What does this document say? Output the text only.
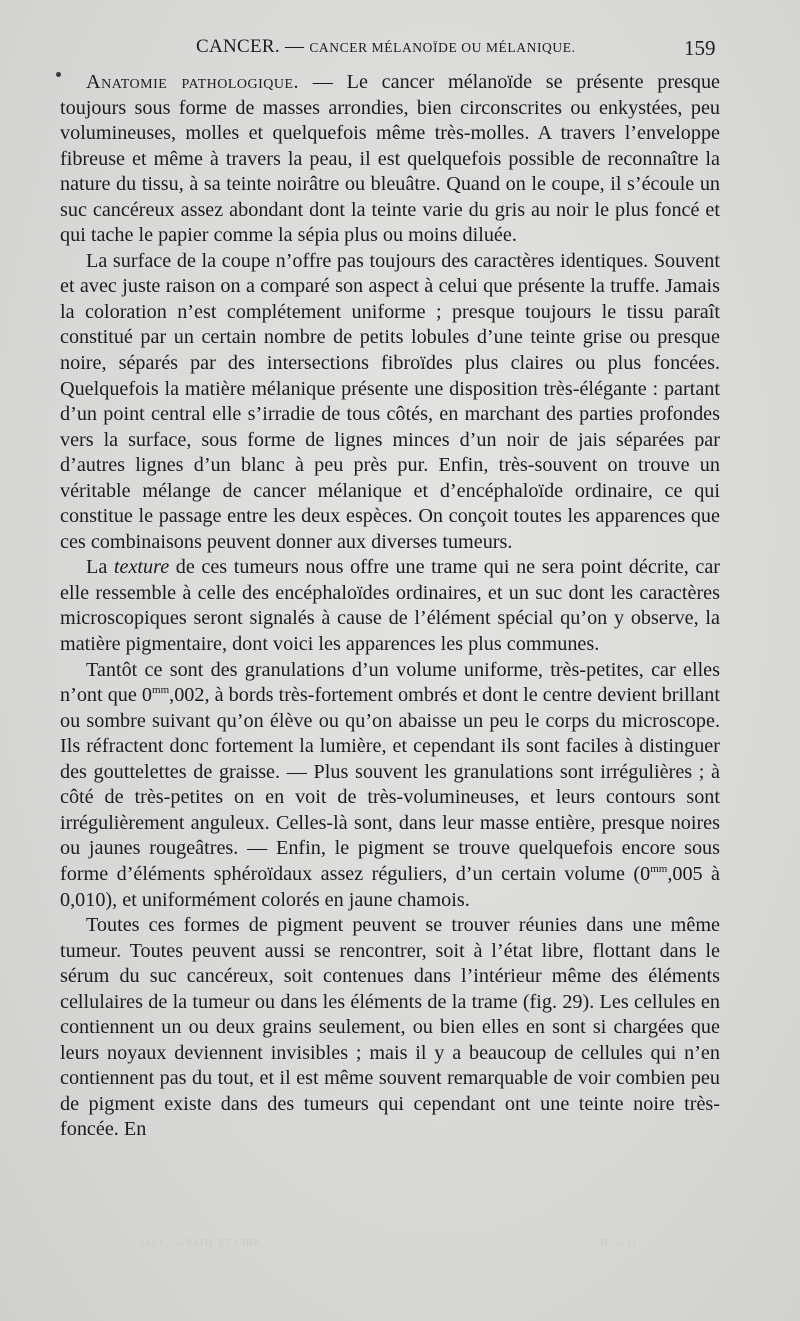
CANCER. — CANCER MÉLANOÏDE OU MÉLANIQUE.	159

Anatomie pathologique. — Le cancer mélanoïde se présente presque toujours sous forme de masses arrondies, bien circonscrites ou enkystées, peu volumineuses, molles et quelquefois même très-molles. A travers l’enveloppe fibreuse et même à travers la peau, il est quelquefois possible de reconnaître la nature du tissu, à sa teinte noirâtre ou bleuâtre. Quand on le coupe, il s’écoule un suc cancéreux assez abondant dont la teinte varie du gris au noir le plus foncé et qui tache le papier comme la sépia plus ou moins diluée.

La surface de la coupe n’offre pas toujours des caractères identiques. Souvent et avec juste raison on a comparé son aspect à celui que présente la truffe. Jamais la coloration n’est complétement uniforme ; presque toujours le tissu paraît constitué par un certain nombre de petits lobules d’une teinte grise ou presque noire, séparés par des intersections fibroïdes plus claires ou plus foncées. Quelquefois la matière mélanique présente une disposition très-élégante : partant d’un point central elle s’irradie de tous côtés, en marchant des parties profondes vers la surface, sous forme de lignes minces d’un noir de jais séparées par d’autres lignes d’un blanc à peu près pur. Enfin, très-souvent on trouve un véritable mélange de cancer mélanique et d’encéphaloïde ordinaire, ce qui constitue le passage entre les deux espèces. On conçoit toutes les apparences que ces combinaisons peuvent donner aux diverses tumeurs.

La texture de ces tumeurs nous offre une trame qui ne sera point décrite, car elle ressemble à celle des encéphaloïdes ordinaires, et un suc dont les caractères microscopiques seront signalés à cause de l’élément spécial qu’on y observe, la matière pigmentaire, dont voici les apparences les plus communes.

Tantôt ce sont des granulations d’un volume uniforme, très-petites, car elles n’ont que $0^{mm},002$, à bords très-fortement ombrés et dont le centre devient brillant ou sombre suivant qu’on élève ou qu’on abaisse un peu le corps du microscope. Ils réfractent donc fortement la lumière, et cependant ils sont faciles à distinguer des gouttelettes de graisse. — Plus souvent les granulations sont irrégulières ; à côté de très-petites on en voit de très-volumineuses, et leurs contours sont irrégulièrement anguleux. Celles-là sont, dans leur masse entière, presque noires ou jaunes rougeâtres. — Enfin, le pigment se trouve quelquefois encore sous forme d’éléments sphéroïdaux assez réguliers, d’un certain volume ($0^{mm},005$ à 0,010), et uniformément colorés en jaune chamois.

Toutes ces formes de pigment peuvent se trouver réunies dans une même tumeur. Toutes peuvent aussi se rencontrer, soit à l’état libre, flottant dans le sérum du suc cancéreux, soit contenues dans l’intérieur même des éléments cellulaires de la tumeur ou dans les éléments de la trame (fig. 29). Les cellules en contiennent un ou deux grains seulement, ou bien elles en sont si chargées que leurs noyaux deviennent invisibles ; mais il y a beaucoup de cellules qui n’en contiennent pas du tout, et il est même souvent remarquable de voir combien peu de pigment existe dans des tumeurs qui cependant ont une teinte noire très-foncée. En

JACC. — PATH. ET CHIR.	II. — 11
